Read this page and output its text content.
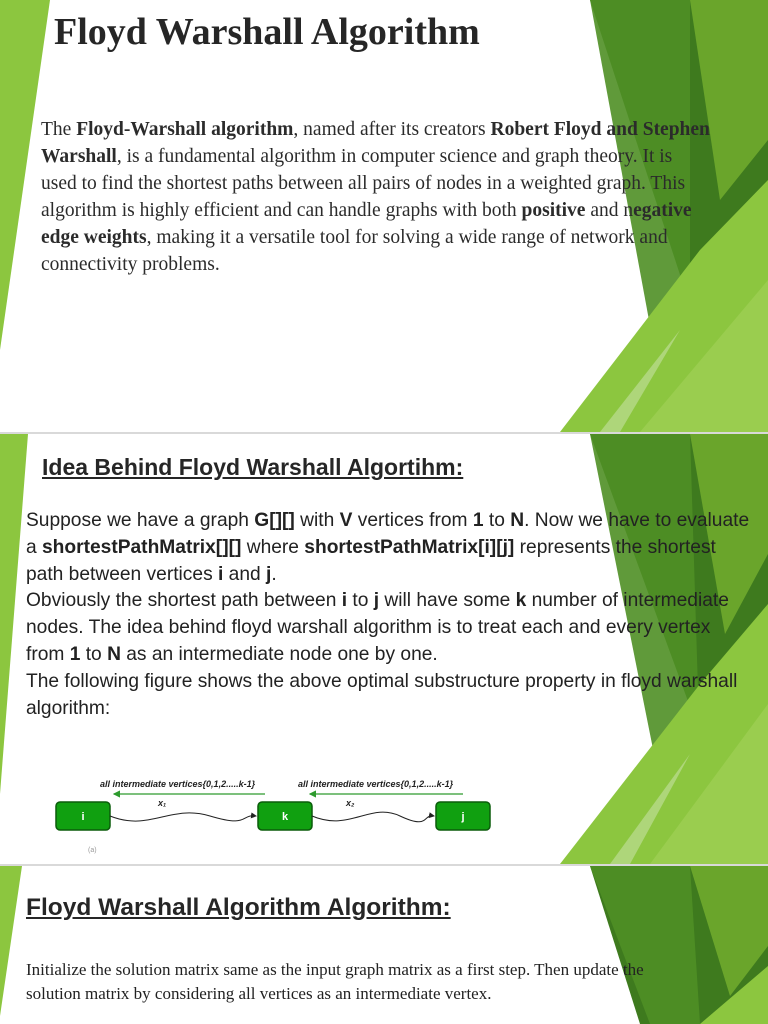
Floyd Warshall Algorithm

The Floyd-Warshall algorithm, named after its creators Robert Floyd and Stephen Warshall, is a fundamental algorithm in computer science and graph theory. It is used to find the shortest paths between all pairs of nodes in a weighted graph. This algorithm is highly efficient and can handle graphs with both positive and negative edge weights, making it a versatile tool for solving a wide range of network and connectivity problems.

Idea Behind Floyd Warshall Algortihm:

Suppose we have a graph G[][] with V vertices from 1 to N. Now we have to evaluate a shortestPathMatrix[][] where shortestPathMatrix[i][j] represents the shortest path between vertices i and j.
Obviously the shortest path between i to j will have some k number of intermediate nodes. The idea behind floyd warshall algorithm is to treat each and every vertex from 1 to N as an intermediate node one by one.
The following figure shows the above optimal substructure property in floyd warshall algorithm:

all intermediate vertices{0,1,2.....k-1}	all intermediate vertices{0,1,2.....k-1}
x₁	x₂
i	k	j
(a)
Floyd Warshall Algorithm Algorithm:

Initialize the solution matrix same as the input graph matrix as a first step. Then update the solution matrix by considering all vertices as an intermediate vertex.
